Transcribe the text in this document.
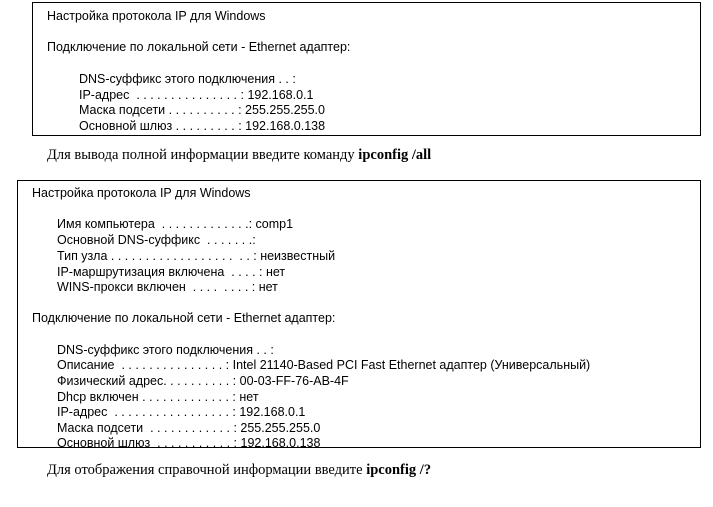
Настройка протокола IP для Windows
Подключение по локальной сети - Ethernet адаптер:
DNS-суффикс этого подключения . . :
IP-адрес  . . . . . . . . . . . . . . . : 192.168.0.1
Маска подсети . . . . . . . . . . : 255.255.255.0
Основной шлюз . . . . . . . . . : 192.168.0.138
Для вывода полной информации введите команду ipconfig /all
Настройка протокола IP для Windows
Имя компьютера  . . . . . . . . . . . . .: comp1
Основной DNS-суффикс  . . . . . . .:
Тип узла . . . . . . . . . . . . . . . . . .  . . : неизвестный
IP-маршрутизация включена  . . . . : нет
WINS-прокси включен  . . . .  . . . . : нет
Подключение по локальной сети - Ethernet адаптер:
DNS-суффикс этого подключения . . :
Описание  . . . . . . . . . . . . . . . : Intel 21140-Based PCI Fast Ethernet адаптер (Универсальный)
Физический адрес. . . . . . . . . . : 00-03-FF-76-AB-4F
Dhcp включен . . . . . . . . . . . . . : нет
IP-адрес  . . . . . . . . . . . . . . . . . : 192.168.0.1
Маска подсети  . . . . . . . . . . . . : 255.255.255.0
Основной шлюз  . . . . . . . . . . . : 192.168.0.138
Для отображения справочной информации введите ipconfig /?
